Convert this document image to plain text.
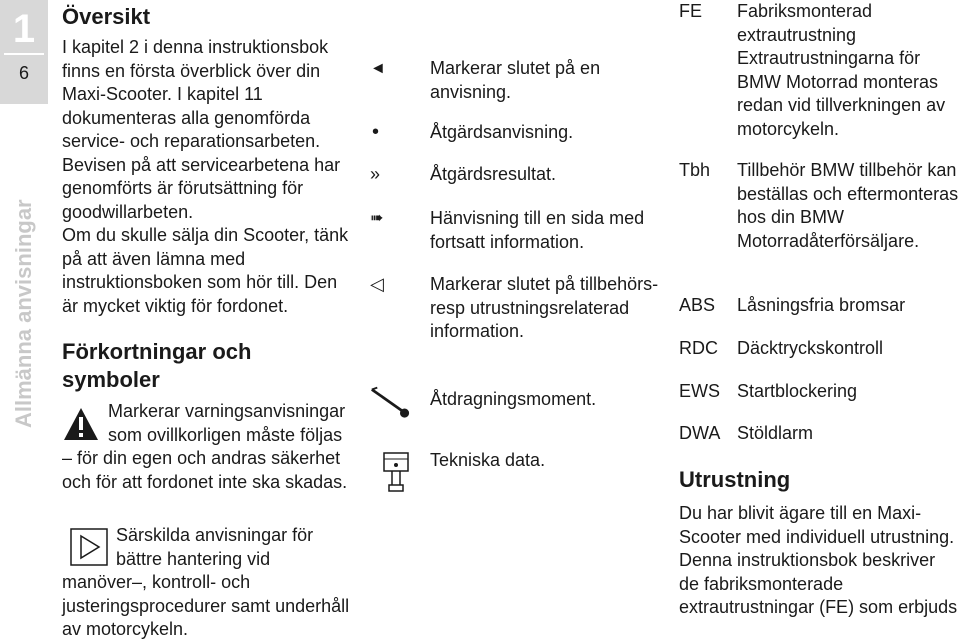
1
6
Allmänna anvisningar
Översikt

I kapitel 2 i denna instruktionsbok finns en första överblick över din Maxi-Scooter. I kapitel 11 dokumenteras alla genomförda service- och reparationsarbeten. Bevisen på att servicearbetena har genomförts är förutsättning för goodwillarbeten.

Om du skulle sälja din Scooter, tänk på att även lämna med instruktionsboken som hör till. Den är mycket viktig för fordonet.

Förkortningar och
symboler
Markerar varningsanvisningar som ovillkorligen måste följas – för din egen och andras säkerhet och för att fordonet inte ska skadas.
Särskilda anvisningar för bättre hantering vid manöver–, kontroll- och justeringsprocedurer samt underhåll av motorcykeln.
◄	Markerar slutet på en anvisning.
•	Åtgärdsanvisning.
»	Åtgärdsresultat.
➠	Hänvisning till en sida med fortsatt information.
◁	Markerar slutet på tillbehörs- resp utrustningsrelaterad information.
Åtdragningsmoment.
Tekniska data.
FE	Fabriksmonterad extrautrustning Extrautrustningarna för BMW Motorrad monteras redan vid tillverkningen av motorcykeln.
Tbh	Tillbehör BMW tillbehör kan beställas och eftermonteras hos din BMW Motorradåterförsäljare.
ABS	Låsningsfria bromsar
RDC	Däcktryckskontroll
EWS Startblockering
DWA Stöldlarm
Utrustning

Du har blivit ägare till en Maxi-Scooter med individuell utrustning. Denna instruktionsbok beskriver de fabriksmonterade extrautrustningar (FE) som erbjuds
